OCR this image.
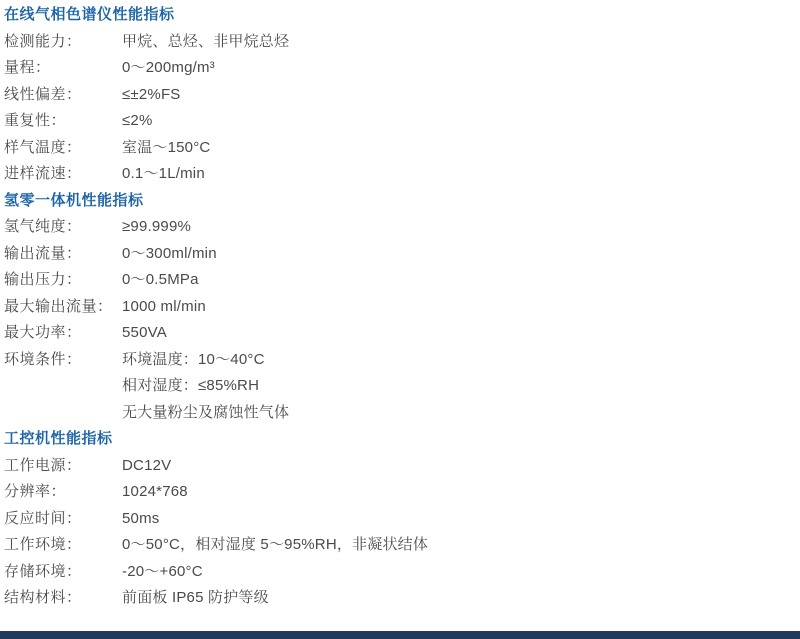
在线气相色谱仪性能指标
检测能力：	甲烷、总烃、非甲烷总烃
量程：	0～200mg/m³
线性偏差：	≤±2%FS
重复性：	≤2%
样气温度：	室温～150°C
进样流速：	0.1～1L/min
氢零一体机性能指标
氢气纯度：	≥99.999%
输出流量：	0～300ml/min
输出压力：	0～0.5MPa
最大输出流量： 1000 ml/min
最大功率：	550VA
环境条件：	环境温度：10～40°C
相对湿度：≤85%RH
无大量粉尘及腐蚀性气体
工控机性能指标
工作电源：	DC12V
分辨率：	1024*768
反应时间：	50ms
工作环境：	0～50°C，相对湿度 5～95%RH，非凝状结体
存储环境：	-20～+60°C
结构材料：	前面板 IP65 防护等级
